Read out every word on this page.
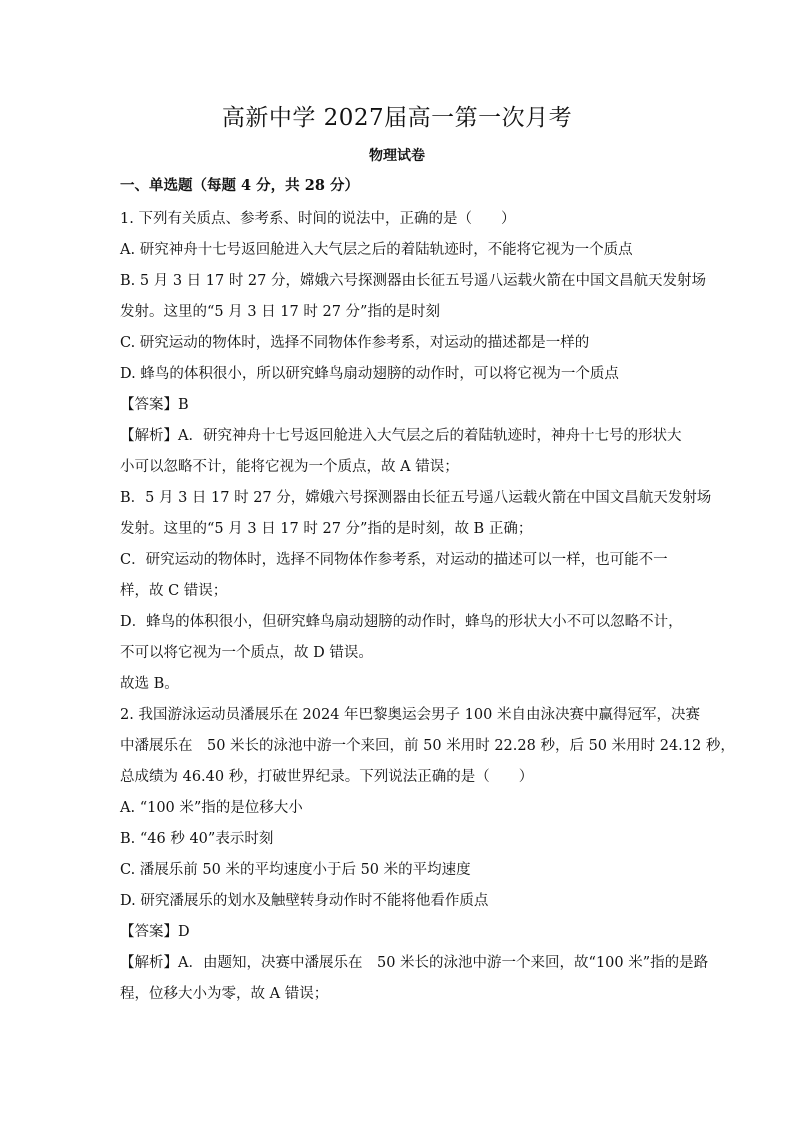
高新中学 2027届高一第一次月考
物理试卷
一、单选题（每题 4 分，共 28 分）
1. 下列有关质点、参考系、时间的说法中，正确的是（　　）
A. 研究神舟十七号返回舱进入大气层之后的着陆轨迹时，不能将它视为一个质点
B. 5 月 3 日 17 时 27 分，嫦娥六号探测器由长征五号遥八运载火箭在中国文昌航天发射场
发射。这里的“5 月 3 日 17 时 27 分”指的是时刻
C. 研究运动的物体时，选择不同物体作参考系，对运动的描述都是一样的
D. 蜂鸟的体积很小，所以研究蜂鸟扇动翅膀的动作时，可以将它视为一个质点
【答案】B
【解析】A．研究神舟十七号返回舱进入大气层之后的着陆轨迹时，神舟十七号的形状大
小可以忽略不计，能将它视为一个质点，故 A 错误；
B．5 月 3 日 17 时 27 分，嫦娥六号探测器由长征五号遥八运载火箭在中国文昌航天发射场
发射。这里的“5 月 3 日 17 时 27 分”指的是时刻，故 B 正确；
C．研究运动的物体时，选择不同物体作参考系，对运动的描述可以一样，也可能不一
样，故 C 错误；
D．蜂鸟的体积很小，但研究蜂鸟扇动翅膀的动作时，蜂鸟的形状大小不可以忽略不计，
不可以将它视为一个质点，故 D 错误。
故选 B。
2. 我国游泳运动员潘展乐在 2024 年巴黎奥运会男子 100 米自由泳决赛中赢得冠军，决赛
中潘展乐在　50 米长的泳池中游一个来回，前 50 米用时 22.28 秒，后 50 米用时 24.12 秒，
总成绩为 46.40 秒，打破世界纪录。下列说法正确的是（　　）
A. “100 米”指的是位移大小
B. “46 秒 40”表示时刻
C. 潘展乐前 50 米的平均速度小于后 50 米的平均速度
D. 研究潘展乐的划水及触壁转身动作时不能将他看作质点
【答案】D
【解析】A．由题知，决赛中潘展乐在　50 米长的泳池中游一个来回，故“100 米”指的是路
程，位移大小为零，故 A 错误；
